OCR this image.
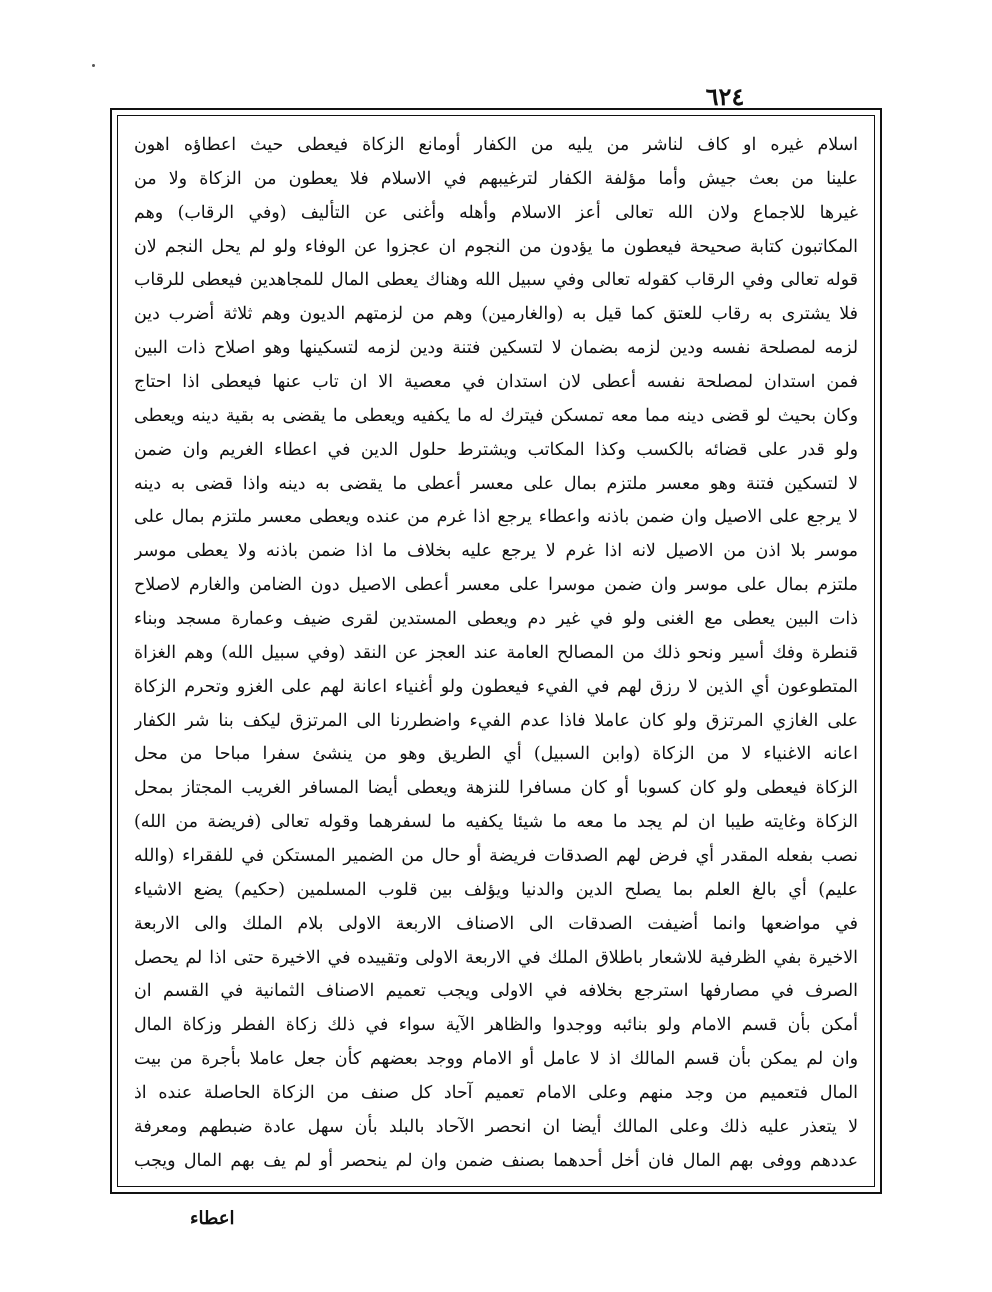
٦٢٤
اسلام غيره او كاف لناشر من يليه من الكفار أومانع الزكاة فيعطى حيث اعطاؤه اهون
علينا من بعث جيش وأما مؤلفة الكفار لترغيبهم في الاسلام فلا يعطون من الزكاة ولا من
غيرها للاجماع ولان الله تعالى أعز الاسلام وأهله وأغنى عن التأليف (وفي الرقاب) وهم
المكاتبون كتابة صحيحة فيعطون ما يؤدون من النجوم ان عجزوا عن الوفاء ولو لم يحل النجم لان
قوله تعالى وفي الرقاب كقوله تعالى وفي سبيل الله وهناك يعطى المال للمجاهدين فيعطى للرقاب
فلا يشترى به رقاب للعتق كما قيل به (والغارمين) وهم من لزمتهم الديون وهم ثلاثة أضرب دين
لزمه لمصلحة نفسه ودين لزمه بضمان لا لتسكين فتنة ودين لزمه لتسكينها وهو اصلاح ذات البين
فمن استدان لمصلحة نفسه أعطى لان استدان في معصية الا ان تاب عنها فيعطى اذا احتاج
وكان بحيث لو قضى دينه مما معه تمسكن فيترك له ما يكفيه ويعطى ما يقضى به بقية دينه ويعطى
ولو قدر على قضائه بالكسب وكذا المكاتب ويشترط حلول الدين في اعطاء الغريم وان ضمن
لا لتسكين فتنة وهو معسر ملتزم بمال على معسر أعطى ما يقضى به دينه واذا قضى به دينه
لا يرجع على الاصيل وان ضمن باذنه واعطاء يرجع اذا غرم من عنده ويعطى معسر ملتزم بمال على
موسر بلا اذن من الاصيل لانه اذا غرم لا يرجع عليه بخلاف ما اذا ضمن باذنه ولا يعطى موسر
ملتزم بمال على موسر وان ضمن موسرا على معسر أعطى الاصيل دون الضامن والغارم لاصلاح
ذات البين يعطى مع الغنى ولو في غير دم ويعطى المستدين لقرى ضيف وعمارة مسجد وبناء
قنطرة وفك أسير ونحو ذلك من المصالح العامة عند العجز عن النقد (وفي سبيل الله) وهم الغزاة
المتطوعون أي الذين لا رزق لهم في الفيء فيعطون ولو أغنياء اعانة لهم على الغزو وتحرم الزكاة
على الغازي المرتزق ولو كان عاملا فاذا عدم الفيء واضطررنا الى المرتزق ليكف بنا شر الكفار
اعانه الاغنياء لا من الزكاة (وابن السبيل) أي الطريق وهو من ينشئ سفرا مباحا من محل
الزكاة فيعطى ولو كان كسوبا أو كان مسافرا للنزهة ويعطى أيضا المسافر الغريب المجتاز بمحل
الزكاة وغايته طيبا ان لم يجد ما معه ما شيئا يكفيه ما لسفرهما وقوله تعالى (فريضة من الله)
نصب بفعله المقدر أي فرض لهم الصدقات فريضة أو حال من الضمير المستكن في للفقراء (والله
عليم) أي بالغ العلم بما يصلح الدين والدنيا ويؤلف بين قلوب المسلمين (حكيم) يضع الاشياء
في مواضعها وانما أضيفت الصدقات الى الاصناف الاربعة الاولى بلام الملك والى الاربعة
الاخيرة بفي الظرفية للاشعار باطلاق الملك في الاربعة الاولى وتقييده في الاخيرة حتى اذا لم يحصل
الصرف في مصارفها استرجع بخلافه في الاولى ويجب تعميم الاصناف الثمانية في القسم ان
أمكن بأن قسم الامام ولو بنائبه ووجدوا والظاهر الآية سواء في ذلك زكاة الفطر وزكاة المال
وان لم يمكن بأن قسم المالك اذ لا عامل أو الامام ووجد بعضهم كأن جعل عاملا بأجرة من بيت
المال فتعميم من وجد منهم وعلى الامام تعميم آحاد كل صنف من الزكاة الحاصلة عنده اذ
لا يتعذر عليه ذلك وعلى المالك أيضا ان انحصر الآحاد بالبلد بأن سهل عادة ضبطهم ومعرفة
عددهم ووفى بهم المال فان أخل أحدهما بصنف ضمن وان لم ينحصر أو لم يف بهم المال ويجب
اعطاء
